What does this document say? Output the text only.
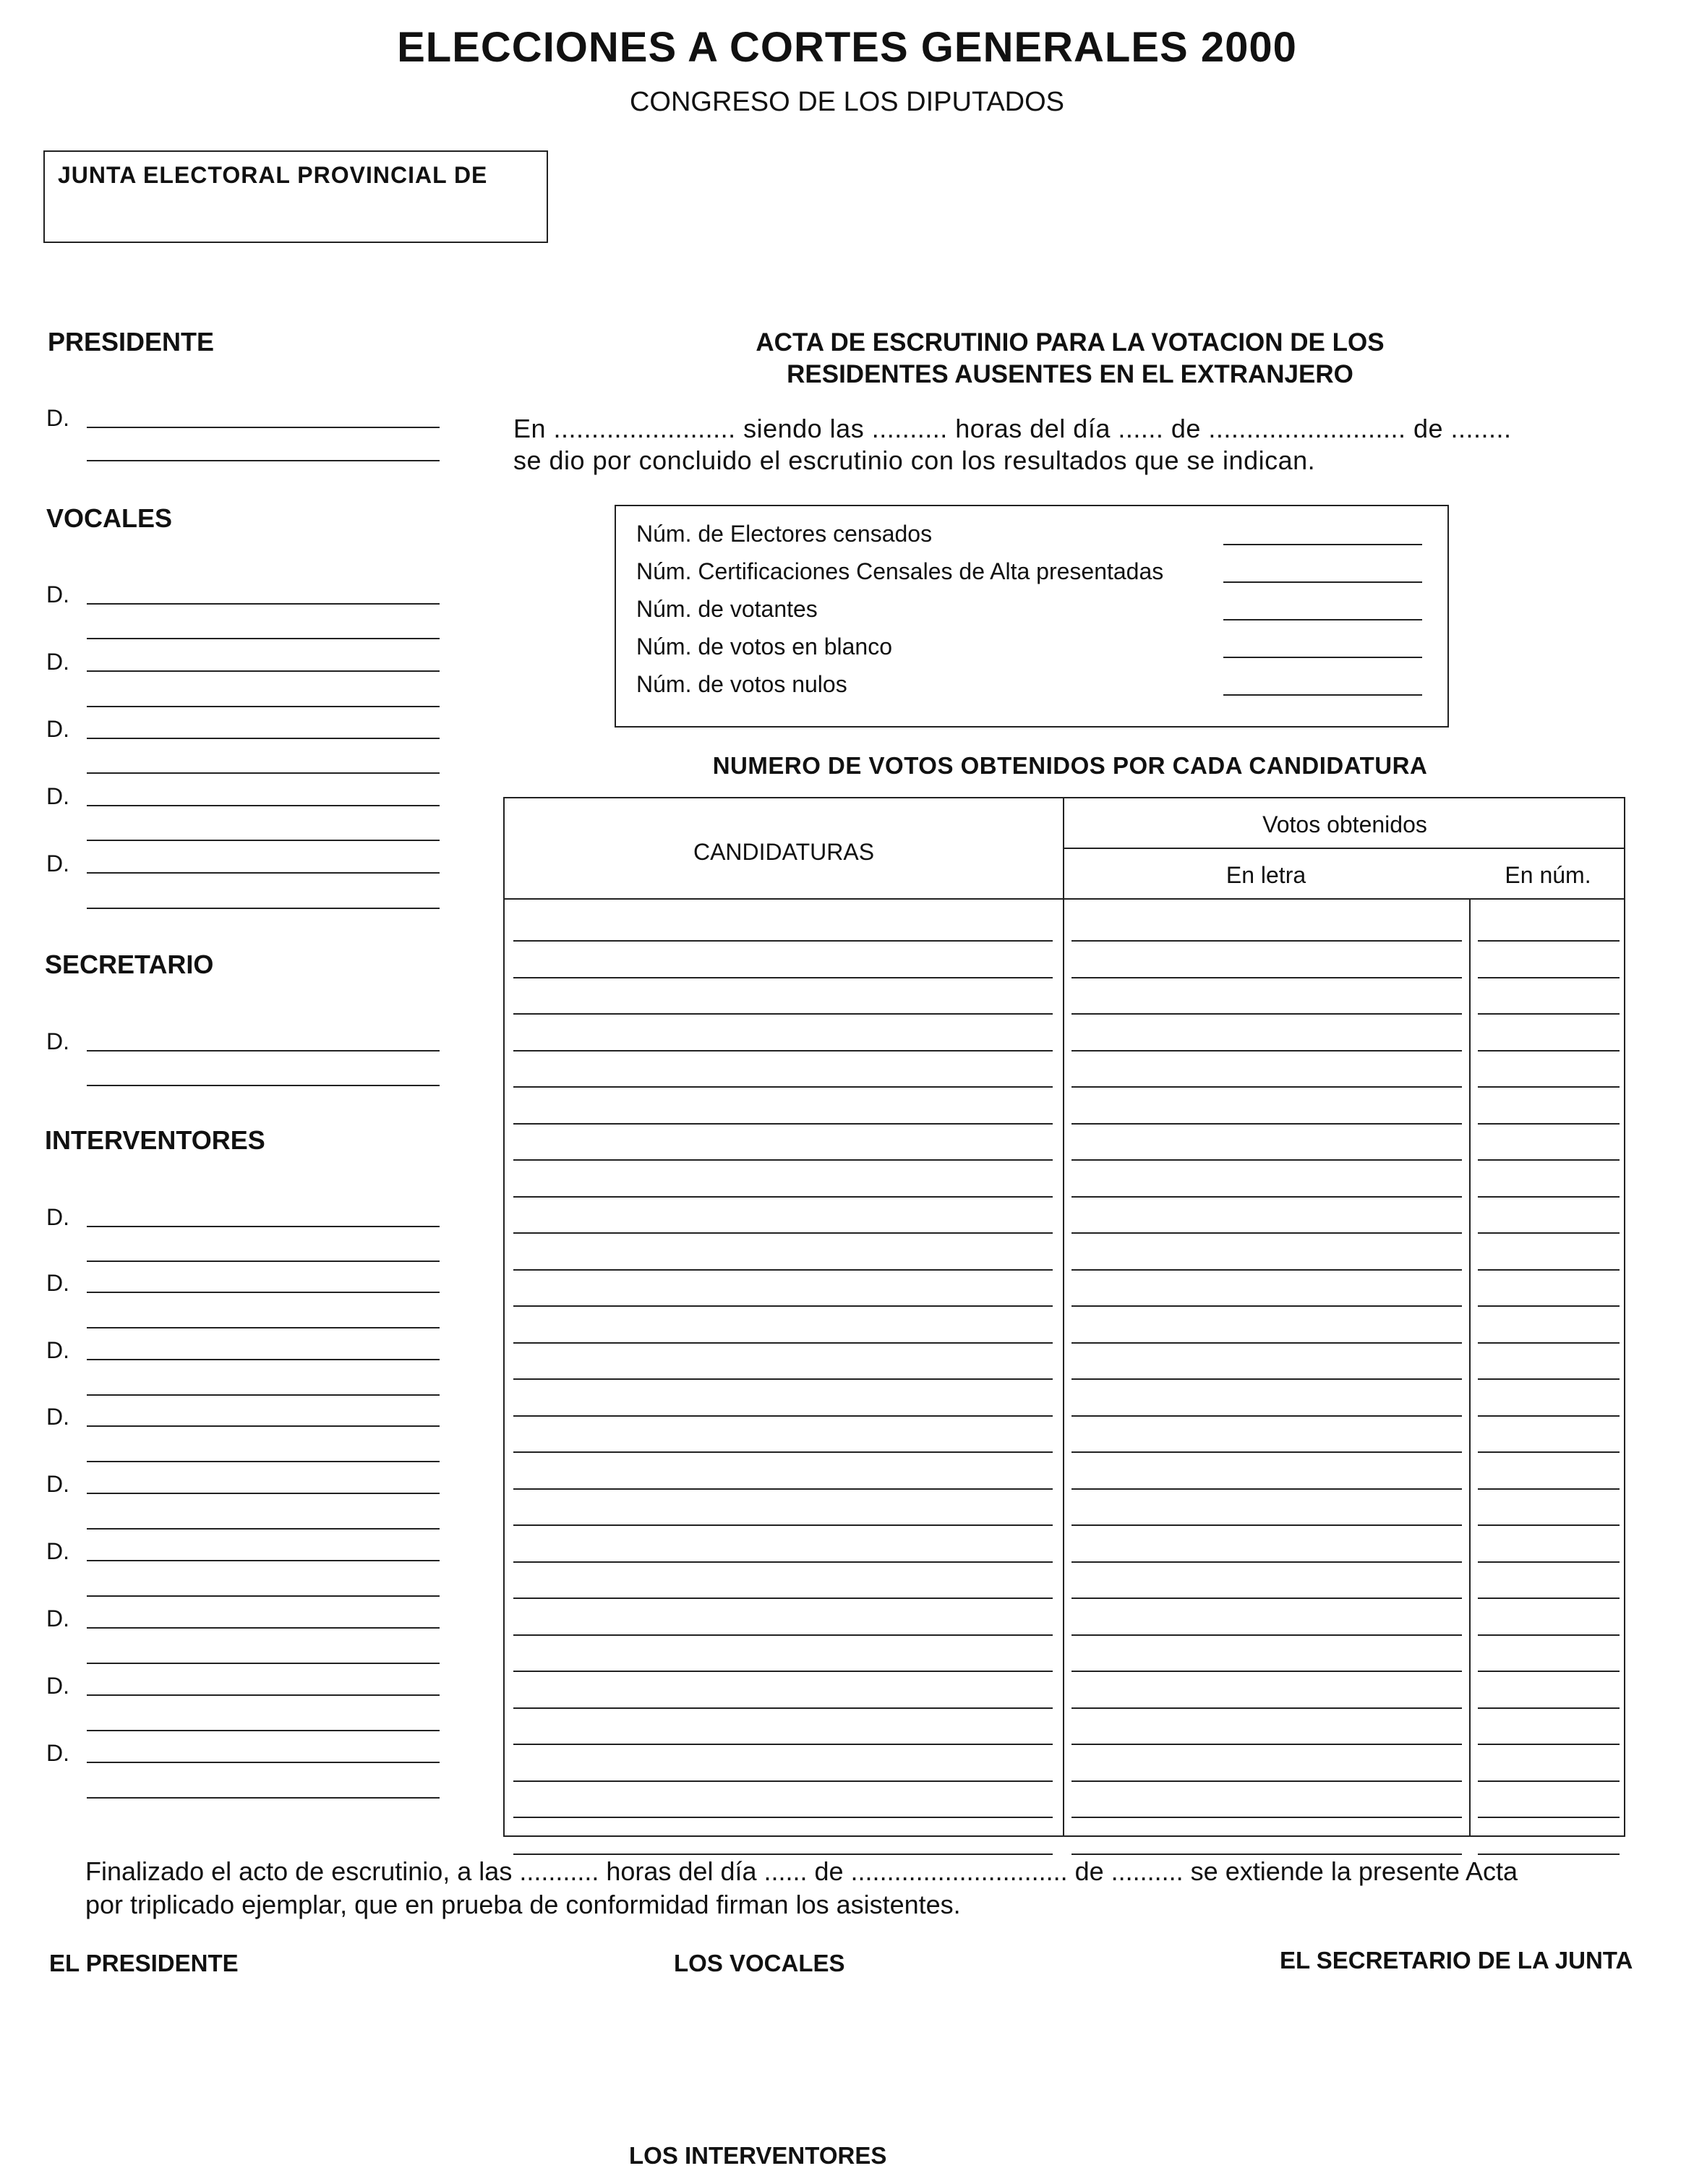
ELECCIONES A CORTES GENERALES 2000
CONGRESO DE LOS DIPUTADOS
JUNTA ELECTORAL PROVINCIAL DE
PRESIDENTE
VOCALES
SECRETARIO
INTERVENTORES
D.
D.
D.
D.
D.
D.
D.
D.
D.
D.
D.
D.
D.
D.
D.
D.
ACTA DE ESCRUTINIO PARA LA VOTACION DE LOS
RESIDENTES AUSENTES EN EL EXTRANJERO
En ........................ siendo las .......... horas del día ...... de .......................... de ........
se dio por concluido el escrutinio con los resultados que se indican.
Núm. de Electores censados
Núm. Certificaciones Censales de Alta presentadas
Núm. de votantes
Núm. de votos en blanco
Núm. de votos nulos
NUMERO DE VOTOS OBTENIDOS POR CADA CANDIDATURA
CANDIDATURAS
Votos obtenidos
En letra	En núm.
Finalizado el acto de escrutinio, a las ........... horas del día ...... de .............................. de .......... se extiende la presente Acta
por triplicado ejemplar, que en prueba de conformidad firman los asistentes.
EL PRESIDENTE	LOS VOCALES	EL SECRETARIO DE LA JUNTA
LOS INTERVENTORES
